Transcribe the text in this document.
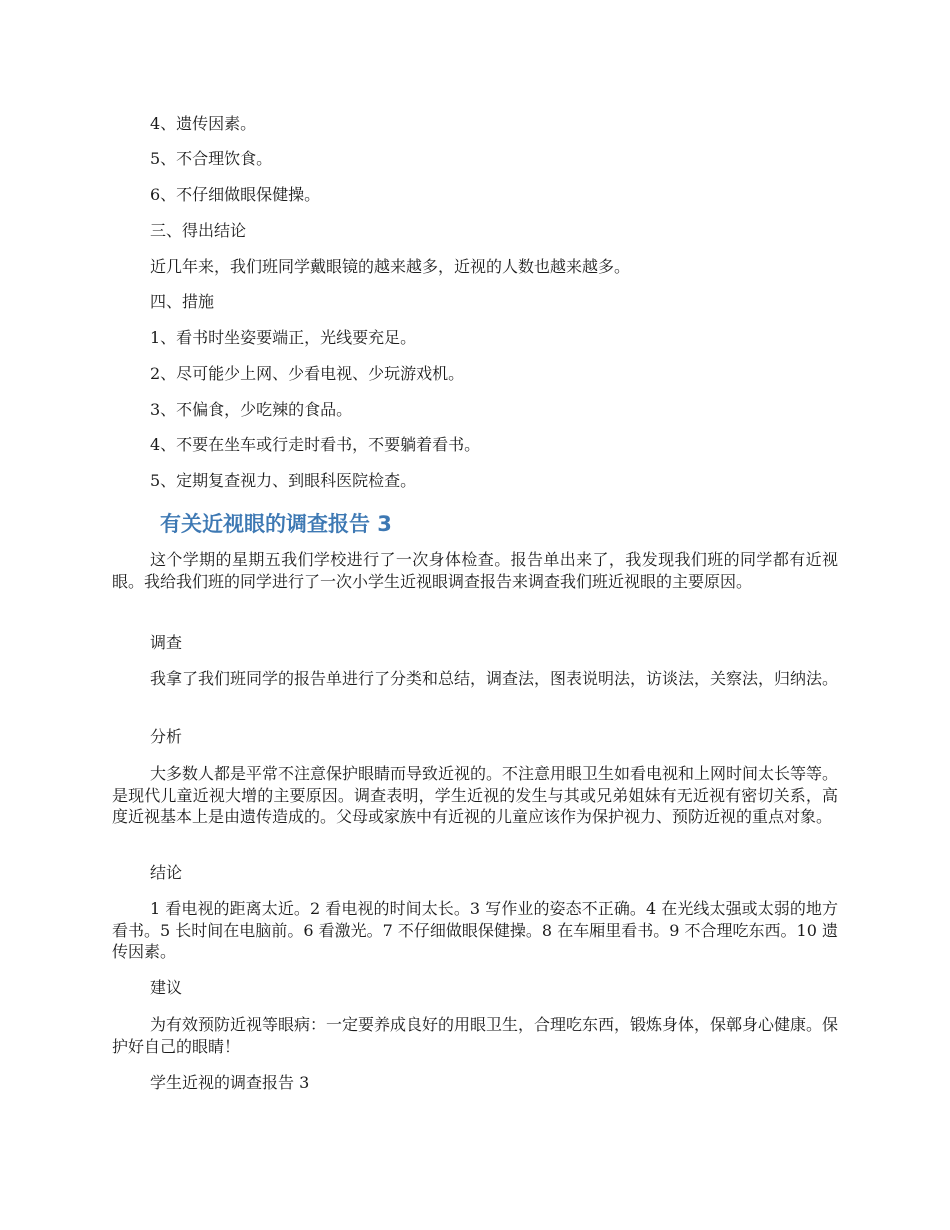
4、遗传因素。
5、不合理饮食。
6、不仔细做眼保健操。
三、得出结论
近几年来，我们班同学戴眼镜的越来越多，近视的人数也越来越多。
四、措施
1、看书时坐姿要端正，光线要充足。
2、尽可能少上网、少看电视、少玩游戏机。
3、不偏食，少吃辣的食品。
4、不要在坐车或行走时看书，不要躺着看书。
5、定期复查视力、到眼科医院检查。
有关近视眼的调查报告 3
这个学期的星期五我们学校进行了一次身体检查。报告单出来了，我发现我们班的同学都有近视眼。我给我们班的同学进行了一次小学生近视眼调查报告来调查我们班近视眼的主要原因。
调查
我拿了我们班同学的报告单进行了分类和总结，调查法，图表说明法，访谈法，关察法，归纳法。
分析
大多数人都是平常不注意保护眼睛而导致近视的。不注意用眼卫生如看电视和上网时间太长等等。是现代儿童近视大增的主要原因。调查表明，学生近视的发生与其或兄弟姐妹有无近视有密切关系，高度近视基本上是由遗传造成的。父母或家族中有近视的儿童应该作为保护视力、预防近视的重点对象。
结论
1 看电视的距离太近。2 看电视的时间太长。3 写作业的姿态不正确。4 在光线太强或太弱的地方看书。5 长时间在电脑前。6 看激光。7 不仔细做眼保健操。8 在车厢里看书。9 不合理吃东西。10 遗传因素。
建议
为有效预防近视等眼病：一定要养成良好的用眼卫生，合理吃东西，锻炼身体，保鄣身心健康。保护好自己的眼睛！
学生近视的调查报告 3
